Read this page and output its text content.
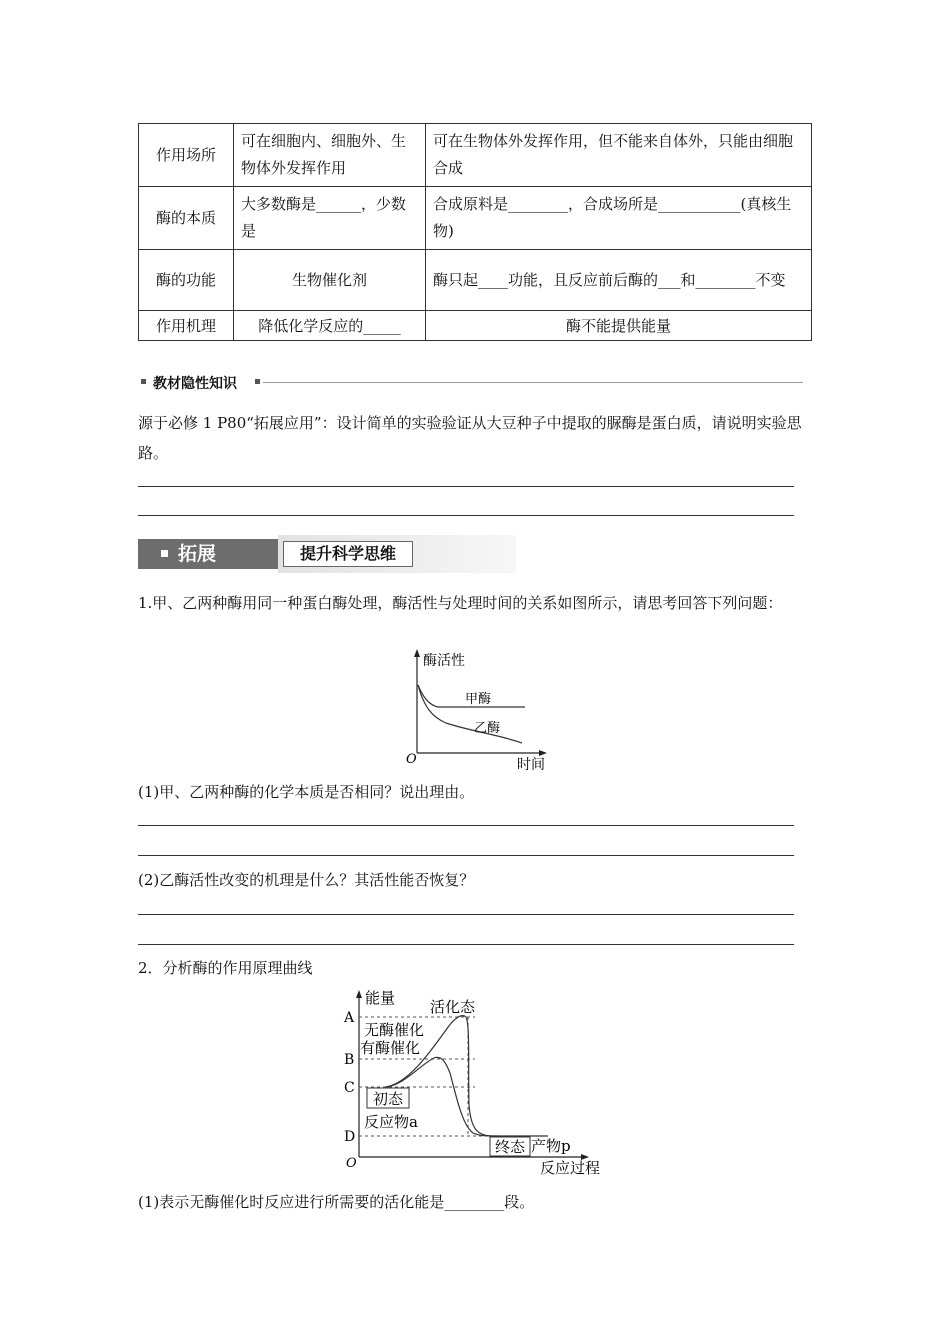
作用场所	可在细胞内、细胞外、生物体外发挥作用	可在生物体外发挥作用，但不能来自体外，只能由细胞合成
酶的本质	大多数酶是______，少数是	合成原料是________，合成场所是___________(真核生物)
酶的功能	生物催化剂	酶只起____功能，且反应前后酶的___和________不变
作用机理	降低化学反应的_____	酶不能提供能量
教材隐性知识
源于必修 1 P80“拓展应用”：设计简单的实验验证从大豆种子中提取的脲酶是蛋白质，请说明实验思路。
拓展	提升科学思维
1.甲、乙两种酶用同一种蛋白酶处理，酶活性与处理时间的关系如图所示，请思考回答下列问题：
酶活性
时间
O
甲酶
乙酶
(1)甲、乙两种酶的化学本质是否相同？说出理由。
(2)乙酶活性改变的机理是什么？其活性能否恢复？
2．分析酶的作用原理曲线
能量
反应过程
O
A
B
C
D
活化态
无酶催化
有酶催化
初态
反应物a
终态 产物p
(1)表示无酶催化时反应进行所需要的活化能是________段。
